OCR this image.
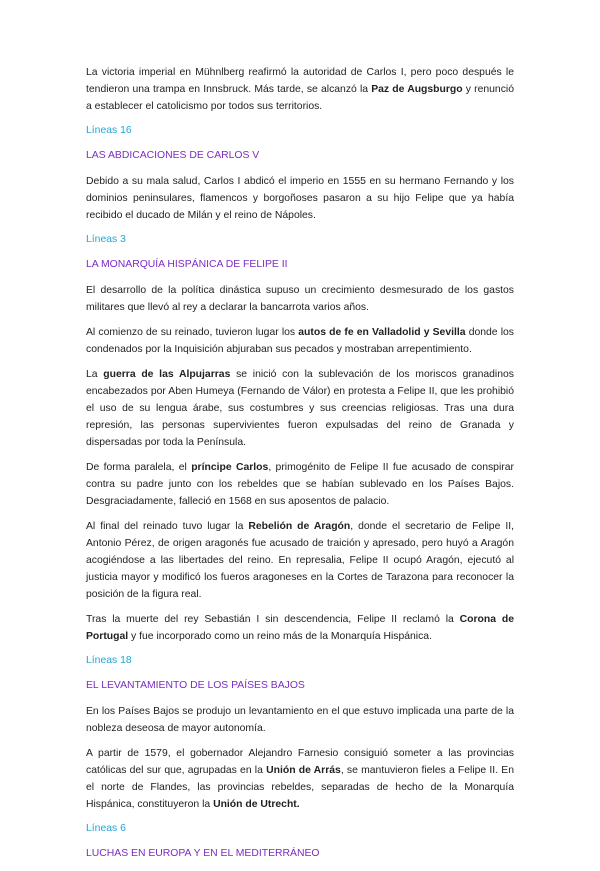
La victoria imperial en Mühnlberg reafirmó la autoridad de Carlos I, pero poco después le tendieron una trampa en Innsbruck. Más tarde, se alcanzó la Paz de Augsburgo y renunció a establecer el catolicismo por todos sus territorios.
Líneas 16
LAS ABDICACIONES DE CARLOS V
Debido a su mala salud, Carlos I abdicó el imperio en 1555 en su hermano Fernando y los dominios peninsulares, flamencos y borgoñoses pasaron a su hijo Felipe que ya había recibido el ducado de Milán y el reino de Nápoles.
Líneas 3
LA MONARQUÍA HISPÁNICA DE FELIPE II
El desarrollo de la política dinástica supuso un crecimiento desmesurado de los gastos militares que llevó al rey a declarar la bancarrota varios años.
Al comienzo de su reinado, tuvieron lugar los autos de fe en Valladolid y Sevilla donde los condenados por la Inquisición abjuraban sus pecados y mostraban arrepentimiento.
La guerra de las Alpujarras se inició con la sublevación de los moriscos granadinos encabezados por Aben Humeya (Fernando de Válor) en protesta a Felipe II, que les prohibió el uso de su lengua árabe, sus costumbres y sus creencias religiosas. Tras una dura represión, las personas supervivientes fueron expulsadas del reino de Granada y dispersadas por toda la Península.
De forma paralela, el príncipe Carlos, primogénito de Felipe II fue acusado de conspirar contra su padre junto con los rebeldes que se habían sublevado en los Países Bajos. Desgraciadamente, falleció en 1568 en sus aposentos de palacio.
Al final del reinado tuvo lugar la Rebelión de Aragón, donde el secretario de Felipe II, Antonio Pérez, de origen aragonés fue acusado de traición y apresado, pero huyó a Aragón acogiéndose a las libertades del reino. En represalia, Felipe II ocupó Aragón, ejecutó al justicia mayor y modificó los fueros aragoneses en la Cortes de Tarazona para reconocer la posición de la figura real.
Tras la muerte del rey Sebastián I sin descendencia, Felipe II reclamó la Corona de Portugal y fue incorporado como un reino más de la Monarquía Hispánica.
Líneas 18
EL LEVANTAMIENTO DE LOS PAÍSES BAJOS
En los Países Bajos se produjo un levantamiento en el que estuvo implicada una parte de la nobleza deseosa de mayor autonomía.
A partir de 1579, el gobernador Alejandro Farnesio consiguió someter a las provincias católicas del sur que, agrupadas en la Unión de Arrás, se mantuvieron fieles a Felipe II. En el norte de Flandes, las provincias rebeldes, separadas de hecho de la Monarquía Hispánica, constituyeron la Unión de Utrecht.
Líneas 6
LUCHAS EN EUROPA Y EN EL MEDITERRÁNEO
